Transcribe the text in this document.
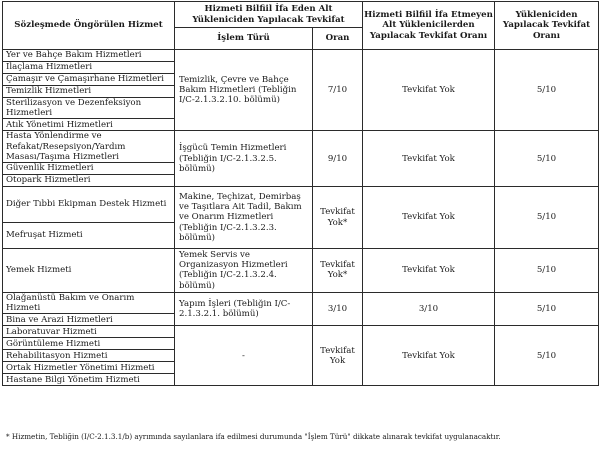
Sözleşmede Öngörülen Hizmet	Hizmeti Bilfiil İfa Eden Alt Yükleniciden Yapılacak Tevkifat		Hizmeti Bilfiil İfa Etmeyen Alt Yüklenicilerden Yapılacak Tevkifat Oranı	Yükleniciden Yapılacak Tevkifat Oranı
	İşlem Türü	Oran		
Yer ve Bahçe Bakım Hizmetleri	Temizlik, Çevre ve Bahçe Bakım Hizmetleri (Tebliğin I/C-2.1.3.2.10. bölümü)	7/10	Tevkifat Yok	5/10
İlaçlama Hizmetleri				
Çamaşır ve Çamaşırhane Hizmetleri				
Temizlik Hizmetleri				
Sterilizasyon ve Dezenfeksiyon Hizmetleri				
Atık Yönetimi Hizmetleri				
Hasta Yönlendirme ve Refakat/Resepsiyon/Yardım Masası/Taşıma Hizmetleri	İşgücü Temin Hizmetleri (Tebliğin I/C-2.1.3.2.5. bölümü)	9/10	Tevkifat Yok	5/10
Güvenlik Hizmetleri				
Otopark Hizmetleri				
Diğer Tıbbi Ekipman Destek Hizmeti	Makine, Teçhizat, Demirbaş ve Taşıtlara Ait Tadil, Bakım ve Onarım Hizmetleri (Tebliğin I/C-2.1.3.2.3. bölümü)	Tevkifat Yok*	Tevkifat Yok	5/10
Mefruşat Hizmeti				
Yemek Hizmeti	Yemek Servis ve Organizasyon Hizmetleri (Tebliğin I/C-2.1.3.2.4. bölümü)	Tevkifat Yok*	Tevkifat Yok	5/10
Olağanüstü Bakım ve Onarım Hizmeti	Yapım İşleri (Tebliğin I/C-2.1.3.2.1. bölümü)	3/10	3/10	5/10
Bina ve Arazi Hizmetleri				
Laboratuvar Hizmeti	-	Tevkifat Yok	Tevkifat Yok	5/10
Görüntüleme Hizmeti				
Rehabilitasyon Hizmeti				
Ortak Hizmetler Yönetimi Hizmeti				
Hastane Bilgi Yönetim Hizmeti				
* Hizmetin, Tebliğin (I/C-2.1.3.1/b) ayrımında sayılanlara ifa edilmesi durumunda "İşlem Türü" dikkate alınarak tevkifat uygulanacaktır.
